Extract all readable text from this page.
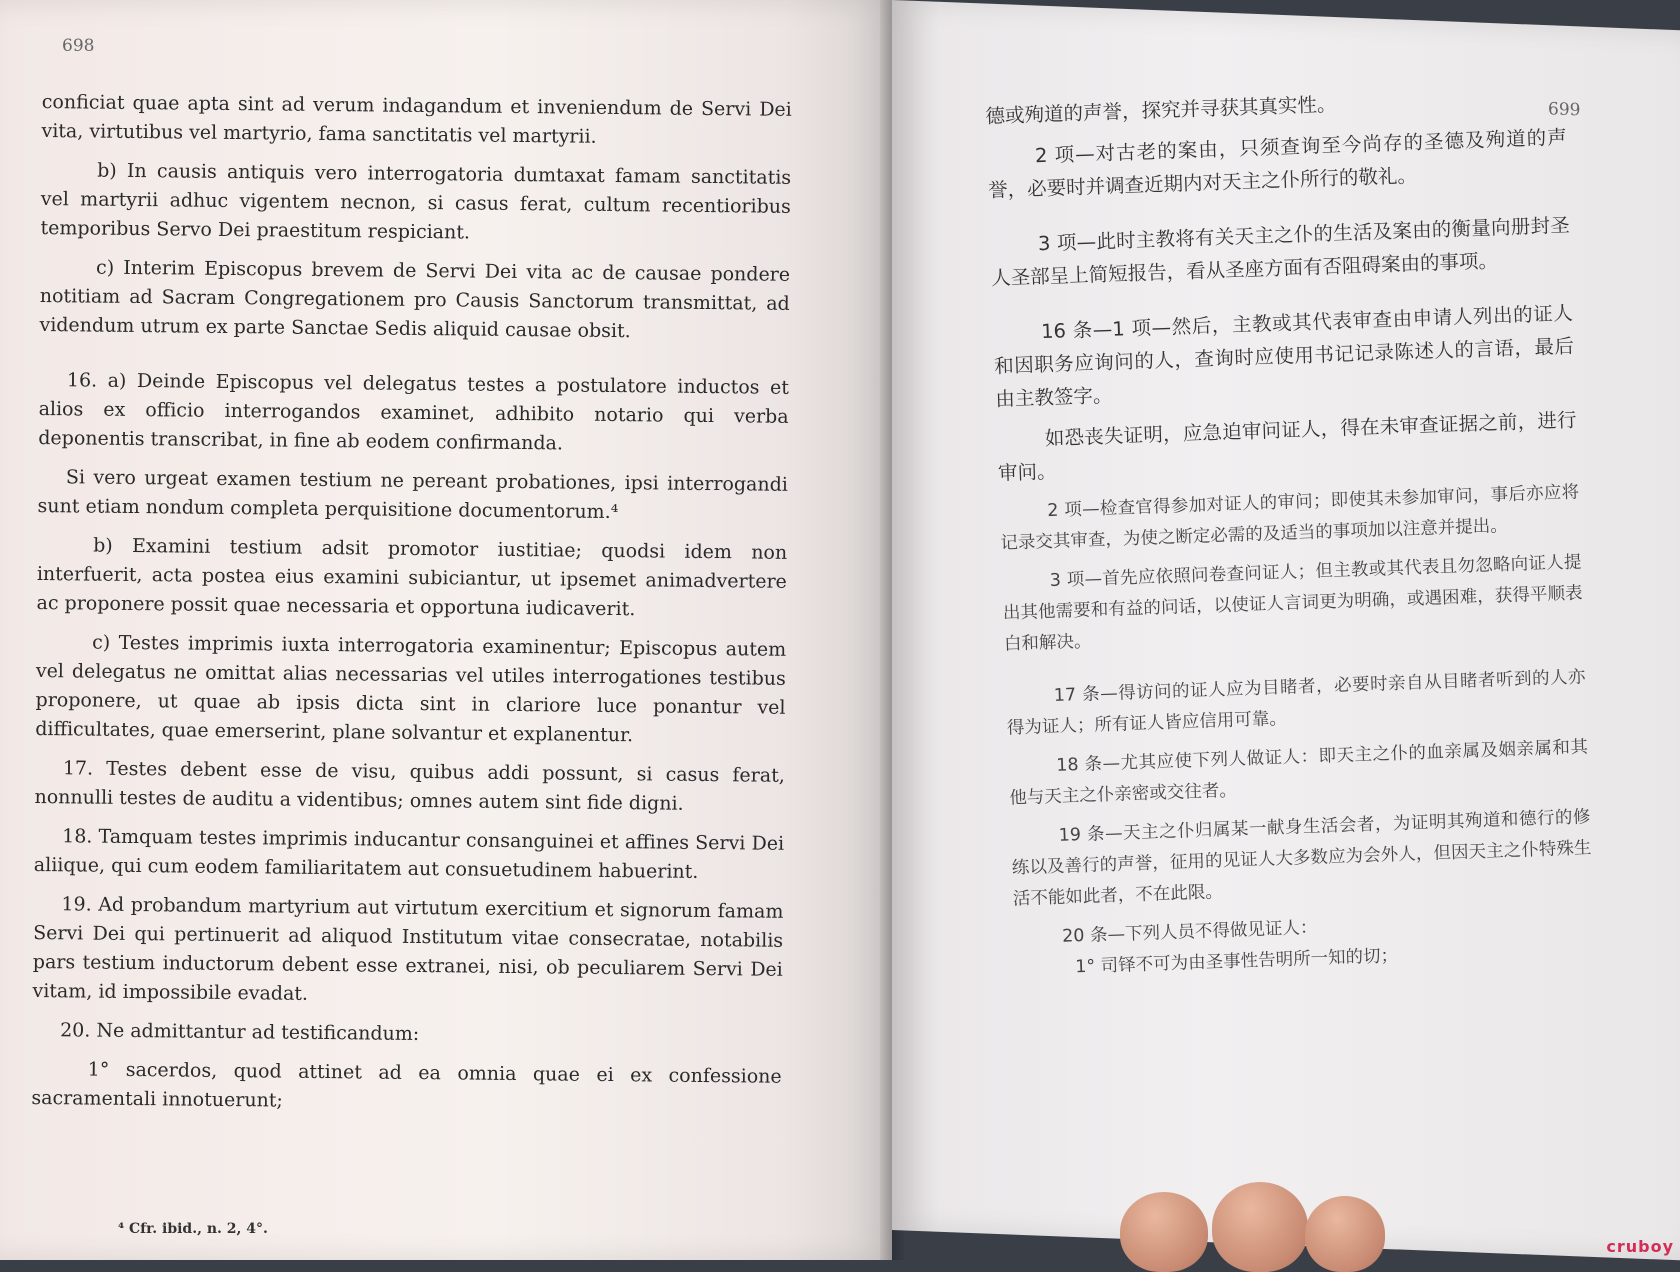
698

conficiat quae apta sint ad verum indagandum et inveniendum de Servi Dei vita, virtutibus vel martyrio, fama sanctitatis vel martyrii.

b) In causis antiquis vero interrogatoria dumtaxat famam sanctitatis vel martyrii adhuc vigentem necnon, si casus ferat, cultum recentioribus temporibus Servo Dei praestitum respiciant.

c) Interim Episcopus brevem de Servi Dei vita ac de causae pondere notitiam ad Sacram Congregationem pro Causis Sanctorum transmittat, ad videndum utrum ex parte Sanctae Sedis aliquid causae obsit.

16. a) Deinde Episcopus vel delegatus testes a postulatore inductos et alios ex officio interrogandos examinet, adhibito notario qui verba deponentis transcribat, in fine ab eodem confirmanda.

Si vero urgeat examen testium ne pereant probationes, ipsi interrogandi sunt etiam nondum completa perquisitione documentorum.⁴

b) Examini testium adsit promotor iustitiae; quodsi idem non interfuerit, acta postea eius examini subiciantur, ut ipsemet animadvertere ac proponere possit quae necessaria et opportuna iudicaverit.

c) Testes imprimis iuxta interrogatoria examinentur; Episcopus autem vel delegatus ne omittat alias necessarias vel utiles interrogationes testibus proponere, ut quae ab ipsis dicta sint in clariore luce ponantur vel difficultates, quae emerserint, plane solvantur et explanentur.

17. Testes debent esse de visu, quibus addi possunt, si casus ferat, nonnulli testes de auditu a videntibus; omnes autem sint fide digni.

18. Tamquam testes imprimis inducantur consanguinei et affines Servi Dei aliique, qui cum eodem familiaritatem aut consuetudinem habuerint.

19. Ad probandum martyrium aut virtutum exercitium et signorum famam Servi Dei qui pertinuerit ad aliquod Institutum vitae consecratae, notabilis pars testium inductorum debent esse extranei, nisi, ob peculiarem Servi Dei vitam, id impossibile evadat.

20. Ne admittantur ad testificandum:

1° sacerdos, quod attinet ad ea omnia quae ei ex confessione sacramentali innotuerunt;

⁴ Cfr. ibid., n. 2, 4°.
699

德或殉道的声誉，探究并寻获其真实性。

2 项—对古老的案由，只须查询至今尚存的圣德及殉道的声誉，必要时并调查近期内对天主之仆所行的敬礼。

3 项—此时主教将有关天主之仆的生活及案由的衡量向册封圣人圣部呈上简短报告，看从圣座方面有否阻碍案由的事项。

16 条—1 项—然后，主教或其代表审查由申请人列出的证人和因职务应询问的人，查询时应使用书记记录陈述人的言语，最后由主教签字。

如恐丧失证明，应急迫审问证人，得在未审查证据之前，进行审问。

2 项—检查官得参加对证人的审问；即使其未参加审问，事后亦应将记录交其审查，为使之断定必需的及适当的事项加以注意并提出。

3 项—首先应依照问卷查问证人；但主教或其代表且勿忽略向证人提出其他需要和有益的问话，以使证人言词更为明确，或遇困难，获得平顺表白和解决。

17 条—得访问的证人应为目睹者，必要时亲自从目睹者听到的人亦得为证人；所有证人皆应信用可靠。

18 条—尤其应使下列人做证人：即天主之仆的血亲属及姻亲属和其他与天主之仆亲密或交往者。

19 条—天主之仆归属某一献身生活会者，为证明其殉道和德行的修练以及善行的声誉，征用的见证人大多数应为会外人，但因天主之仆特殊生活不能如此者，不在此限。

20 条—下列人员不得做见证人：

1° 司铎不可为由圣事性告明所一知的切；

cruboy
